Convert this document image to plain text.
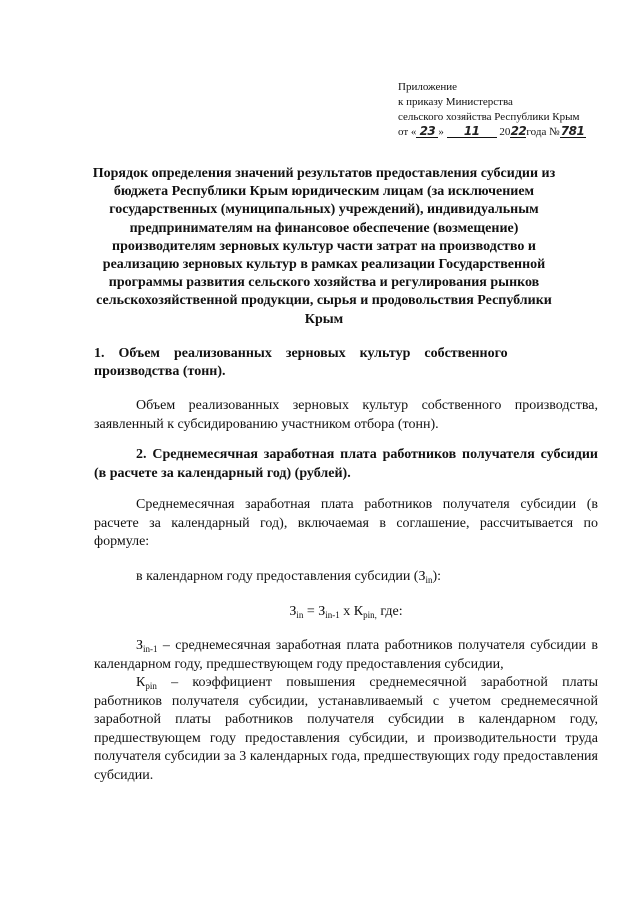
Приложение
к приказу Министерства
сельского хозяйства Республики Крым
от « 23 » 11 2022года №781
Порядок определения значений результатов предоставления субсидии из бюджета Республики Крым юридическим лицам (за исключением государственных (муниципальных) учреждений), индивидуальным предпринимателям на финансовое обеспечение (возмещение) производителям зерновых культур части затрат на производство и реализацию зерновых культур в рамках реализации Государственной программы развития сельского хозяйства и регулирования рынков сельскохозяйственной продукции, сырья и продовольствия Республики Крым
1.    Объем    реализованных    зерновых    культур    собственного
производства (тонн).
Объем реализованных зерновых культур собственного производства, заявленный к субсидированию участником отбора (тонн).
2. Среднемесячная заработная плата работников получателя субсидии (в расчете за календарный год) (рублей).
Среднемесячная заработная плата работников получателя субсидии (в расчете за календарный год), включаемая в соглашение, рассчитывается по формуле:
в календарном году предоставления субсидии $(З_{in})$:
$З_{in} = З_{in-1}$ х $К_{pin,}$ где:
$З_{in-1}$ – среднемесячная заработная плата работников получателя субсидии в календарном году, предшествующем году предоставления субсидии,
$К_{pin}$ – коэффициент повышения среднемесячной заработной платы работников получателя субсидии, устанавливаемый с учетом среднемесячной заработной платы работников получателя субсидии в календарном году, предшествующем году предоставления субсидии, и производительности труда получателя субсидии за 3 календарных года, предшествующих году предоставления субсидии.
